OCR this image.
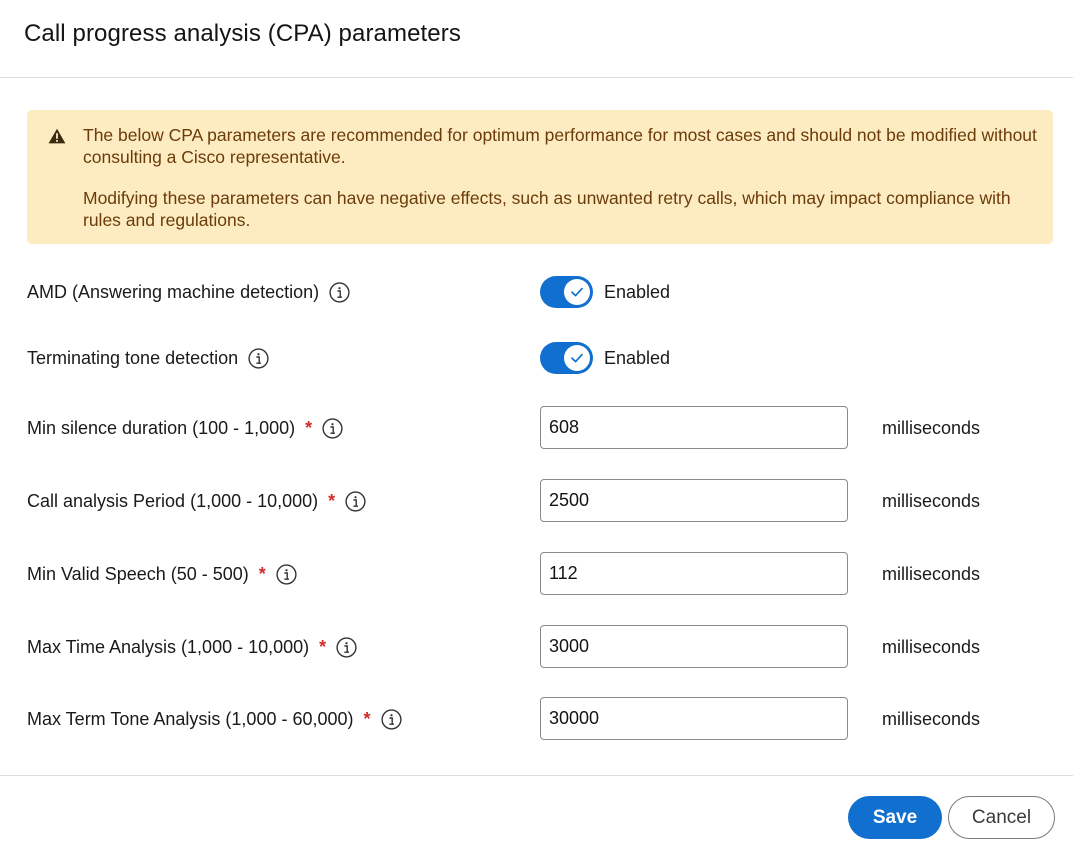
Call progress analysis (CPA) parameters

The below CPA parameters are recommended for optimum performance for most cases and should not be modified without consulting a Cisco representative.

Modifying these parameters can have negative effects, such as unwanted retry calls, which may impact compliance with rules and regulations.

AMD (Answering machine detection)	Enabled
Terminating tone detection	Enabled
Min silence duration (100 - 1,000) *
608	milliseconds
Call analysis Period (1,000 - 10,000) *
2500	milliseconds
Min Valid Speech (50 - 500) *
112	milliseconds
Max Time Analysis (1,000 - 10,000) *
3000	milliseconds
Max Term Tone Analysis (1,000 - 60,000) *
30000	milliseconds
Save	Cancel
